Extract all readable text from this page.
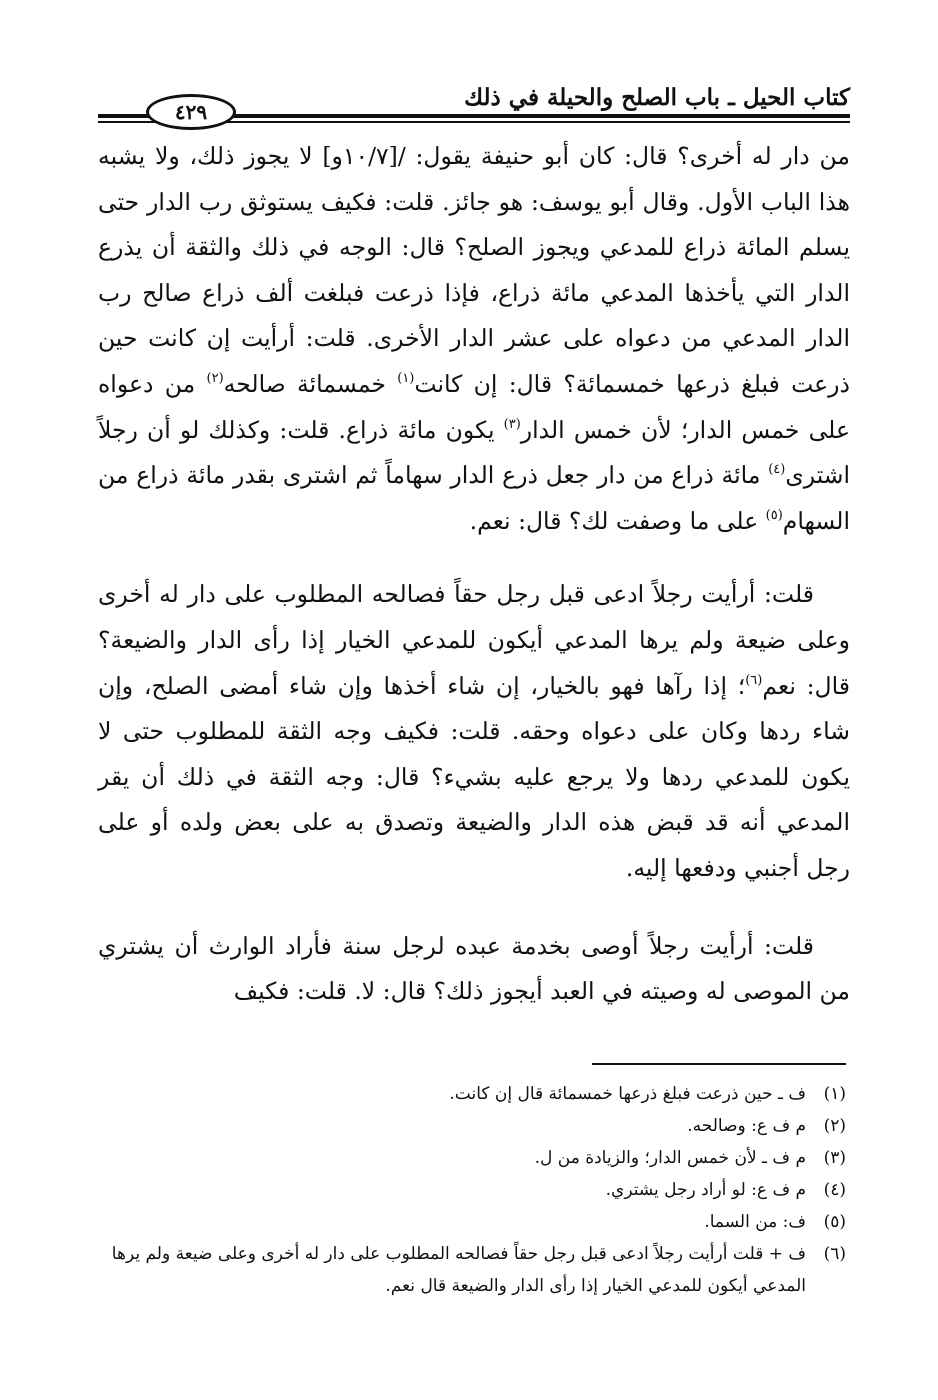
كتاب الحيل ـ باب الصلح والحيلة في ذلك
٤٢٩

من دار له أخرى؟ قال: كان أبو حنيفة يقول: /[١٠/٧و] لا يجوز ذلك، ولا يشبه هذا الباب الأول. وقال أبو يوسف: هو جائز. قلت: فكيف يستوثق رب الدار حتى يسلم المائة ذراع للمدعي ويجوز الصلح؟ قال: الوجه في ذلك والثقة أن يذرع الدار التي يأخذها المدعي مائة ذراع، فإذا ذرعت فبلغت ألف ذراع صالح رب الدار المدعي من دعواه على عشر الدار الأخرى. قلت: أرأيت إن كانت حين ذرعت فبلغ ذرعها خمسمائة؟ قال: إن كانت$^{(١)}$ خمسمائة صالحه$^{(٢)}$ من دعواه على خمس الدار؛ لأن خمس الدار$^{(٣)}$ يكون مائة ذراع. قلت: وكذلك لو أن رجلاً اشترى$^{(٤)}$ مائة ذراع من دار جعل ذرع الدار سهاماً ثم اشترى بقدر مائة ذراع من السهام$^{(٥)}$ على ما وصفت لك؟ قال: نعم.

قلت: أرأيت رجلاً ادعى قبل رجل حقاً فصالحه المطلوب على دار له أخرى وعلى ضيعة ولم يرها المدعي أيكون للمدعي الخيار إذا رأى الدار والضيعة؟ قال: نعم$^{(٦)}$؛ إذا رآها فهو بالخيار، إن شاء أخذها وإن شاء أمضى الصلح، وإن شاء ردها وكان على دعواه وحقه. قلت: فكيف وجه الثقة للمطلوب حتى لا يكون للمدعي ردها ولا يرجع عليه بشيء؟ قال: وجه الثقة في ذلك أن يقر المدعي أنه قد قبض هذه الدار والضيعة وتصدق به على بعض ولده أو على رجل أجنبي ودفعها إليه.

قلت: أرأيت رجلاً أوصى بخدمة عبده لرجل سنة فأراد الوارث أن يشتري من الموصى له وصيته في العبد أيجوز ذلك؟ قال: لا. قلت: فكيف

(١)
ف ـ حين ذرعت فبلغ ذرعها خمسمائة قال إن كانت.
(٢)
م ف ع: وصالحه.
(٣)
م ف ـ لأن خمس الدار؛ والزيادة من ل.
(٤)
م ف ع: لو أراد رجل يشتري.
(٥)
ف: من السما.
(٦)
ف + قلت أرأيت رجلاً ادعى قبل رجل حقاً فصالحه المطلوب على دار له أخرى وعلى ضيعة ولم يرها المدعي أيكون للمدعي الخيار إذا رأى الدار والضيعة قال نعم.
